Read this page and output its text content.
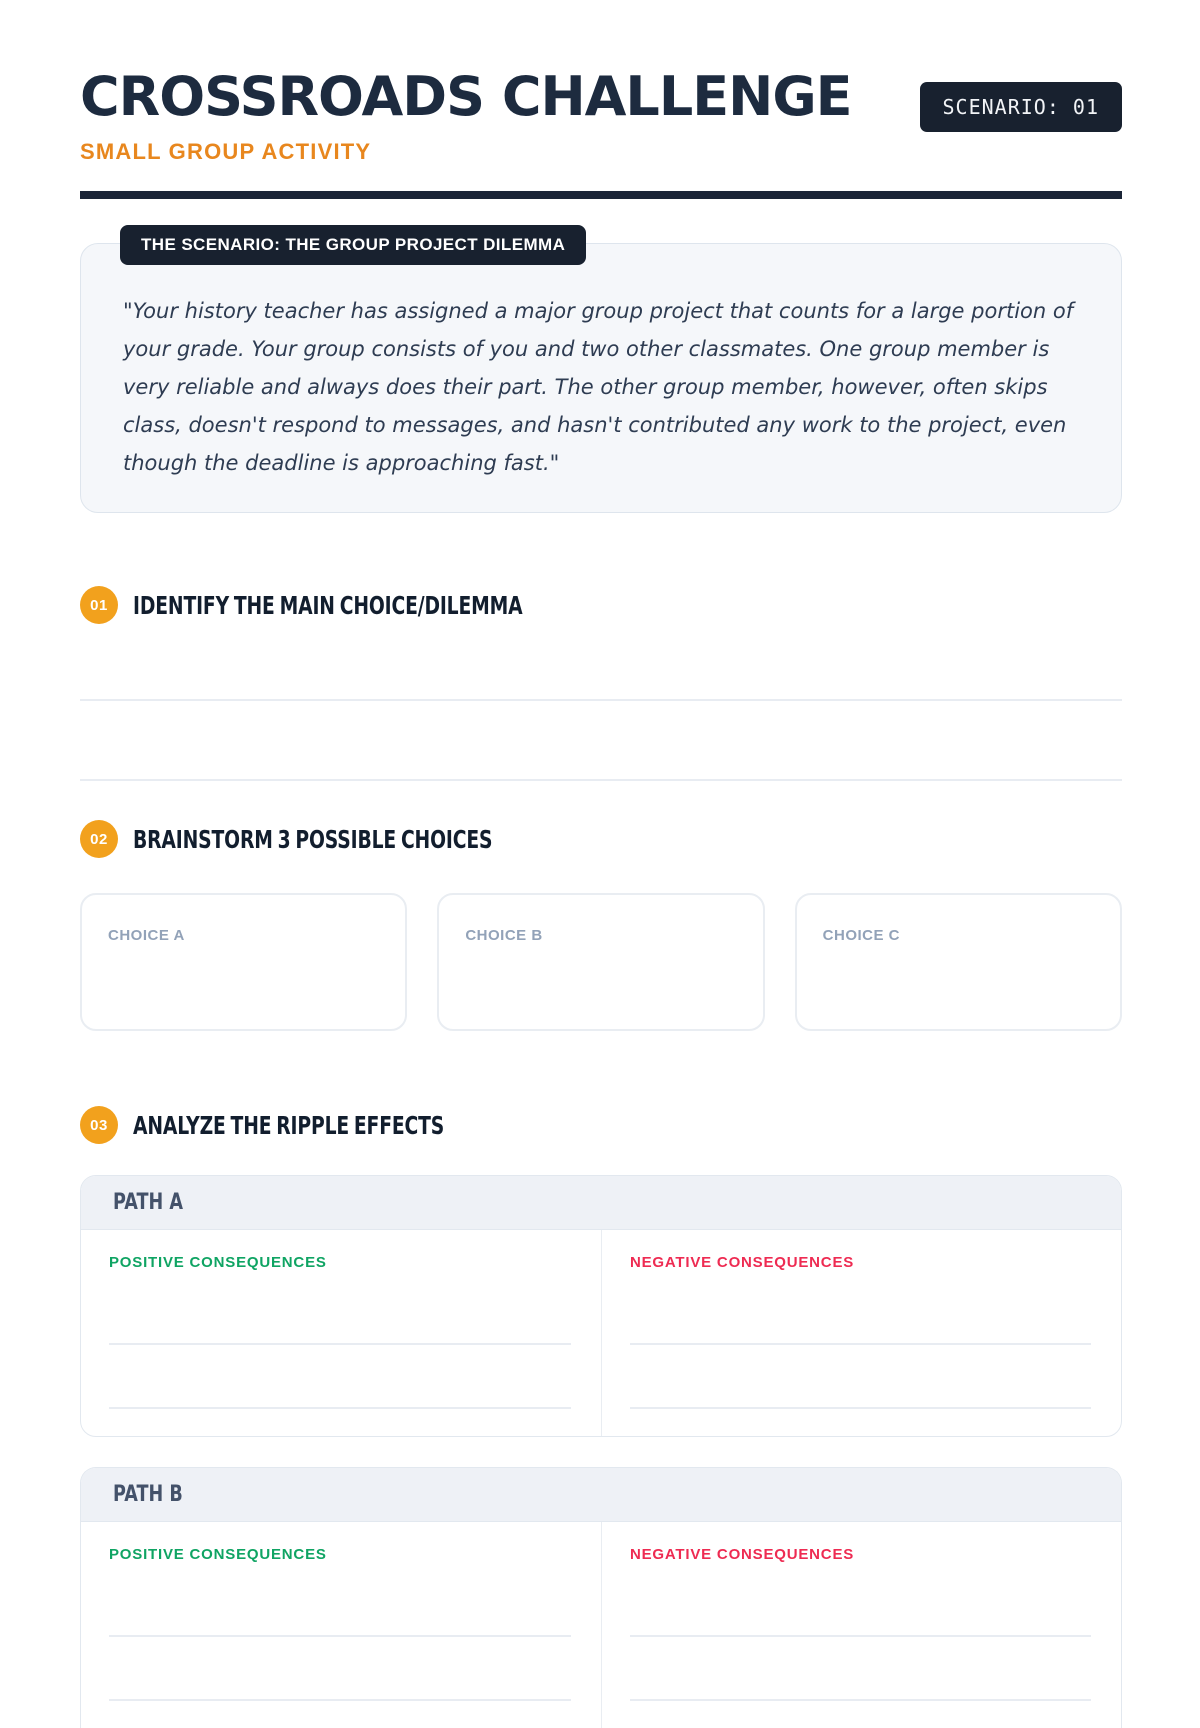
CROSSROADS CHALLENGE	SCENARIO: 01
SMALL GROUP ACTIVITY
THE SCENARIO: THE GROUP PROJECT DILEMMA
"Your history teacher has assigned a major group project that counts for a large portion of your grade. Your group consists of you and two other classmates. One group member is very reliable and always does their part. The other group member, however, often skips class, doesn't respond to messages, and hasn't contributed any work to the project, even though the deadline is approaching fast."
01	IDENTIFY THE MAIN CHOICE/DILEMMA
02	BRAINSTORM 3 POSSIBLE CHOICES
CHOICE A	CHOICE B	CHOICE C
03	ANALYZE THE RIPPLE EFFECTS
PATH A
POSITIVE CONSEQUENCES	NEGATIVE CONSEQUENCES
PATH B
POSITIVE CONSEQUENCES	NEGATIVE CONSEQUENCES
